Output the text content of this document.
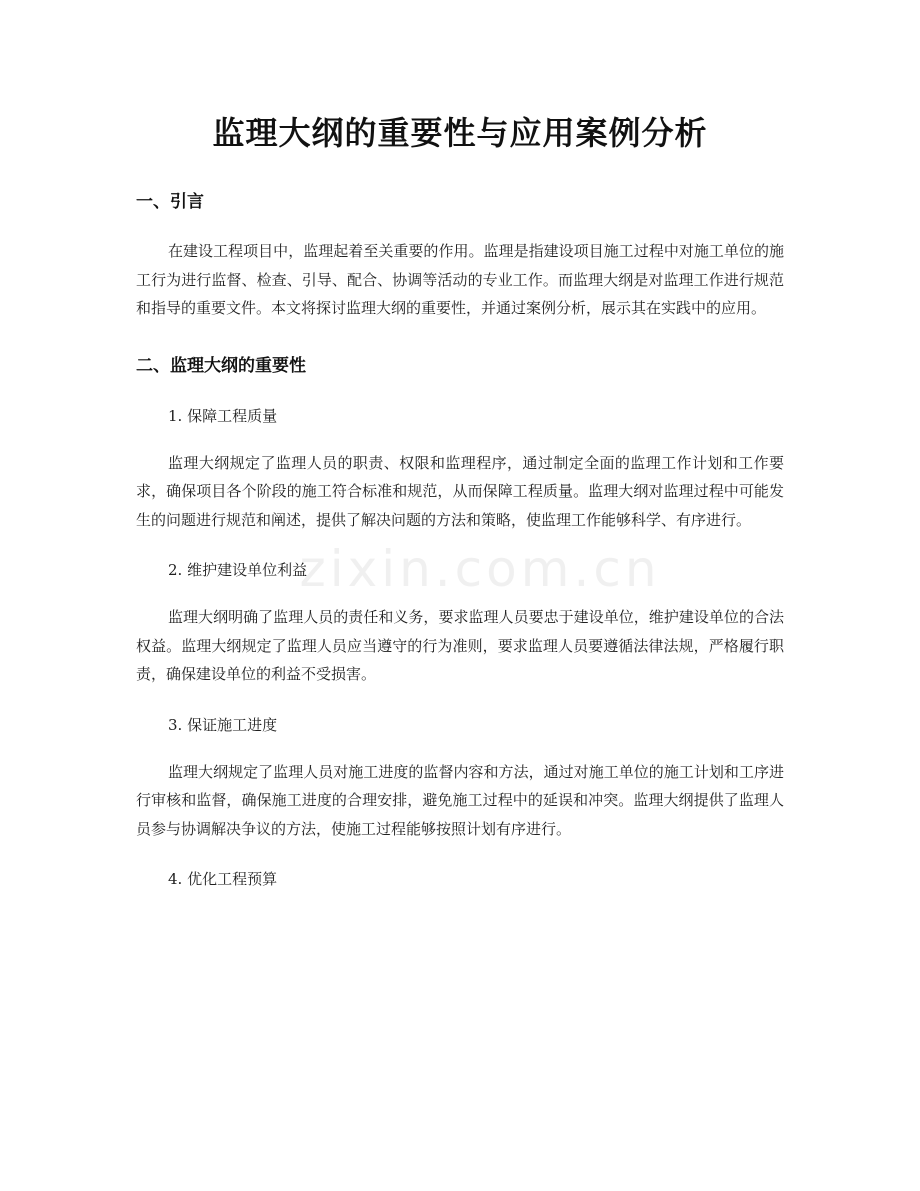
监理大纲的重要性与应用案例分析
一、引言

在建设工程项目中，监理起着至关重要的作用。监理是指建设项目施工过程中对施工单位的施工行为进行监督、检查、引导、配合、协调等活动的专业工作。而监理大纲是对监理工作进行规范和指导的重要文件。本文将探讨监理大纲的重要性，并通过案例分析，展示其在实践中的应用。

二、监理大纲的重要性

1. 保障工程质量

监理大纲规定了监理人员的职责、权限和监理程序，通过制定全面的监理工作计划和工作要求，确保项目各个阶段的施工符合标准和规范，从而保障工程质量。监理大纲对监理过程中可能发生的问题进行规范和阐述，提供了解决问题的方法和策略，使监理工作能够科学、有序进行。

2. 维护建设单位利益

监理大纲明确了监理人员的责任和义务，要求监理人员要忠于建设单位，维护建设单位的合法权益。监理大纲规定了监理人员应当遵守的行为准则，要求监理人员要遵循法律法规，严格履行职责，确保建设单位的利益不受损害。

3. 保证施工进度

监理大纲规定了监理人员对施工进度的监督内容和方法，通过对施工单位的施工计划和工序进行审核和监督，确保施工进度的合理安排，避免施工过程中的延误和冲突。监理大纲提供了监理人员参与协调解决争议的方法，使施工过程能够按照计划有序进行。

4. 优化工程预算

zixin.com.cn
